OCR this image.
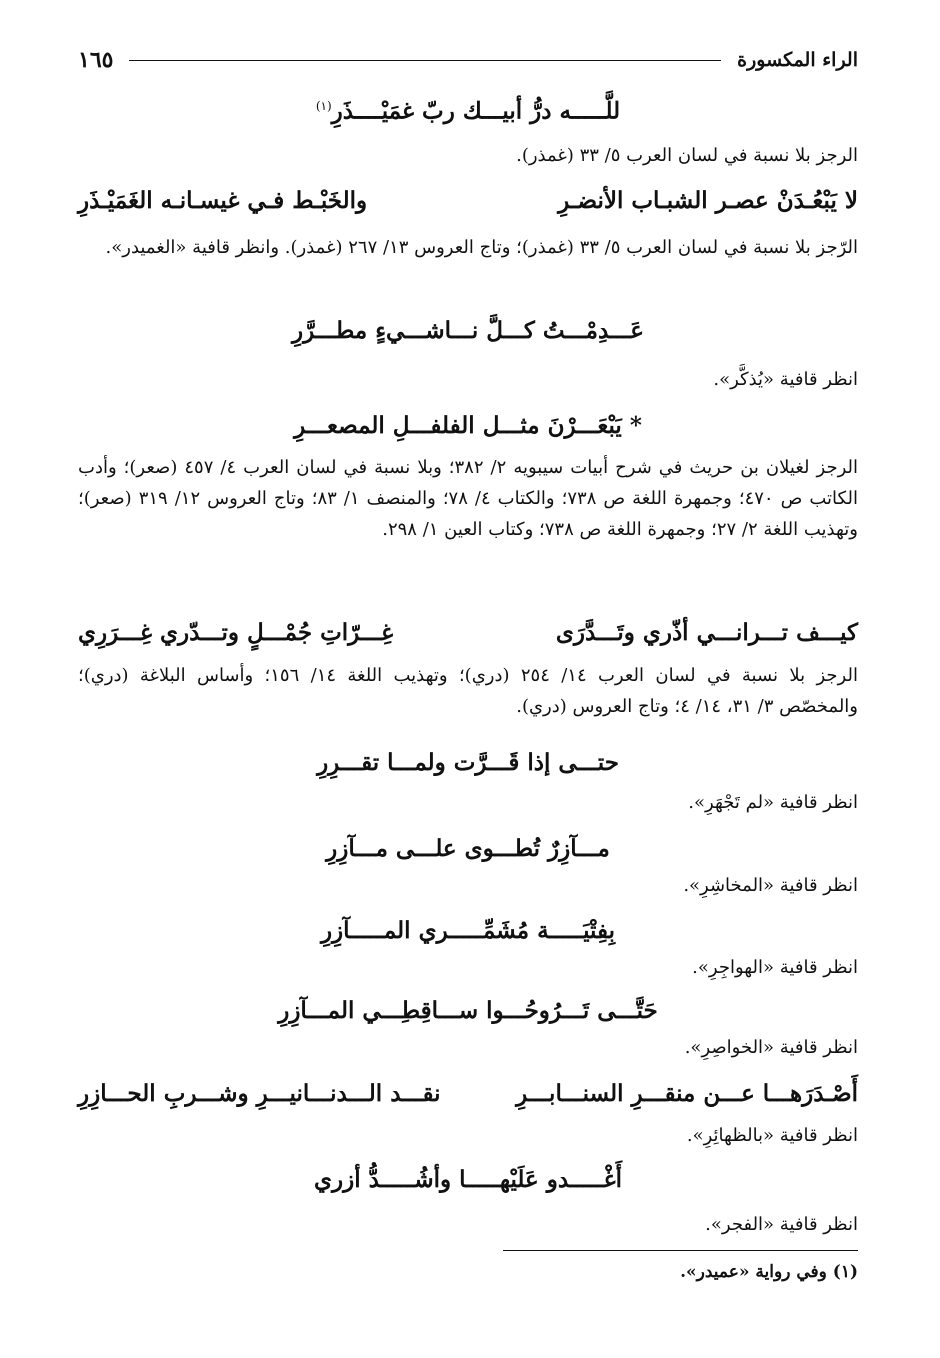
الراء المكسورة
١٦٥
للَّـــــه درُّ أبيـــك ربّ غمَيْــــذَرِ$^{(١)}$
الرجز بلا نسبة في لسان العرب ٥/ ٣٣ (غمذر).
لا يَبْعُـدَنْ عصـر الشبـاب الأنضـرِ
والخَبْـط فـي غيسـانـه الغَمَيْـذَرِ
الرّجز بلا نسبة في لسان العرب ٥/ ٣٣ (غمذر)؛ وتاج العروس ١٣/ ٢٦٧ (غمذر). وانظر قافية «الغميدر».
عَـــدِمْـــتُ كـــلَّ نـــاشـــيءٍ مطـــرَّرِ
انظر قافية «يُذكَّر».
* يَبْعَـــرْنَ مثـــل الفلفـــلِ المصعـــرِ
الرجز لغيلان بن حريث في شرح أبيات سيبويه ٢/ ٣٨٢؛ وبلا نسبة في لسان العرب ٤/ ٤٥٧ (صعر)؛ وأدب الكاتب ص ٤٧٠؛ وجمهرة اللغة ص ٧٣٨؛ والكتاب ٤/ ٧٨؛ والمنصف ١/ ٨٣؛ وتاج العروس ١٢/ ٣١٩ (صعر)؛ وتهذيب اللغة ٢/ ٢٧؛ وجمهرة اللغة ص ٧٣٨؛ وكتاب العين ١/ ٢٩٨.
كيـــف تـــرانـــي أذّري وتَـــدَّرَى
غِـــرّاتِ جُمْـــلٍ وتـــدّري غِـــرَرِي
الرجز بلا نسبة في لسان العرب ١٤/ ٢٥٤ (دري)؛ وتهذيب اللغة ١٤/ ١٥٦؛ وأساس البلاغة (دري)؛ والمخصّص ٣/ ٣١، ١٤/ ٤؛ وتاج العروس (دري).
حتـــى إذا قَـــرَّت ولمـــا تقـــرِرِ
انظر قافية «لم تَجْهَرِ».
مـــآزِرٌ تُطـــوى علـــى مـــآزِرِ
انظر قافية «المخاشِرِ».
بِفِتْيَـــــة مُشَمِّـــــري المـــــآزِرِ
انظر قافية «الهواجِرِ».
حَتَّـــى تَـــرُوحُـــوا ســـاقِطِـــي المـــآزِرِ
انظر قافية «الخواصِرِ».
أَصْـدَرَهـــا عـــن منقـــرِ السنـــابـــرِ
نقـــد الـــدنـــانيـــرِ وشـــربِ الحـــازِرِ
انظر قافية «بالظهائِرِ».
أَغْـــــدو عَلَيْهـــــا وأشُـــــدُّ أزري
انظر قافية «الفجر».
(١) وفي رواية «عميدر».
